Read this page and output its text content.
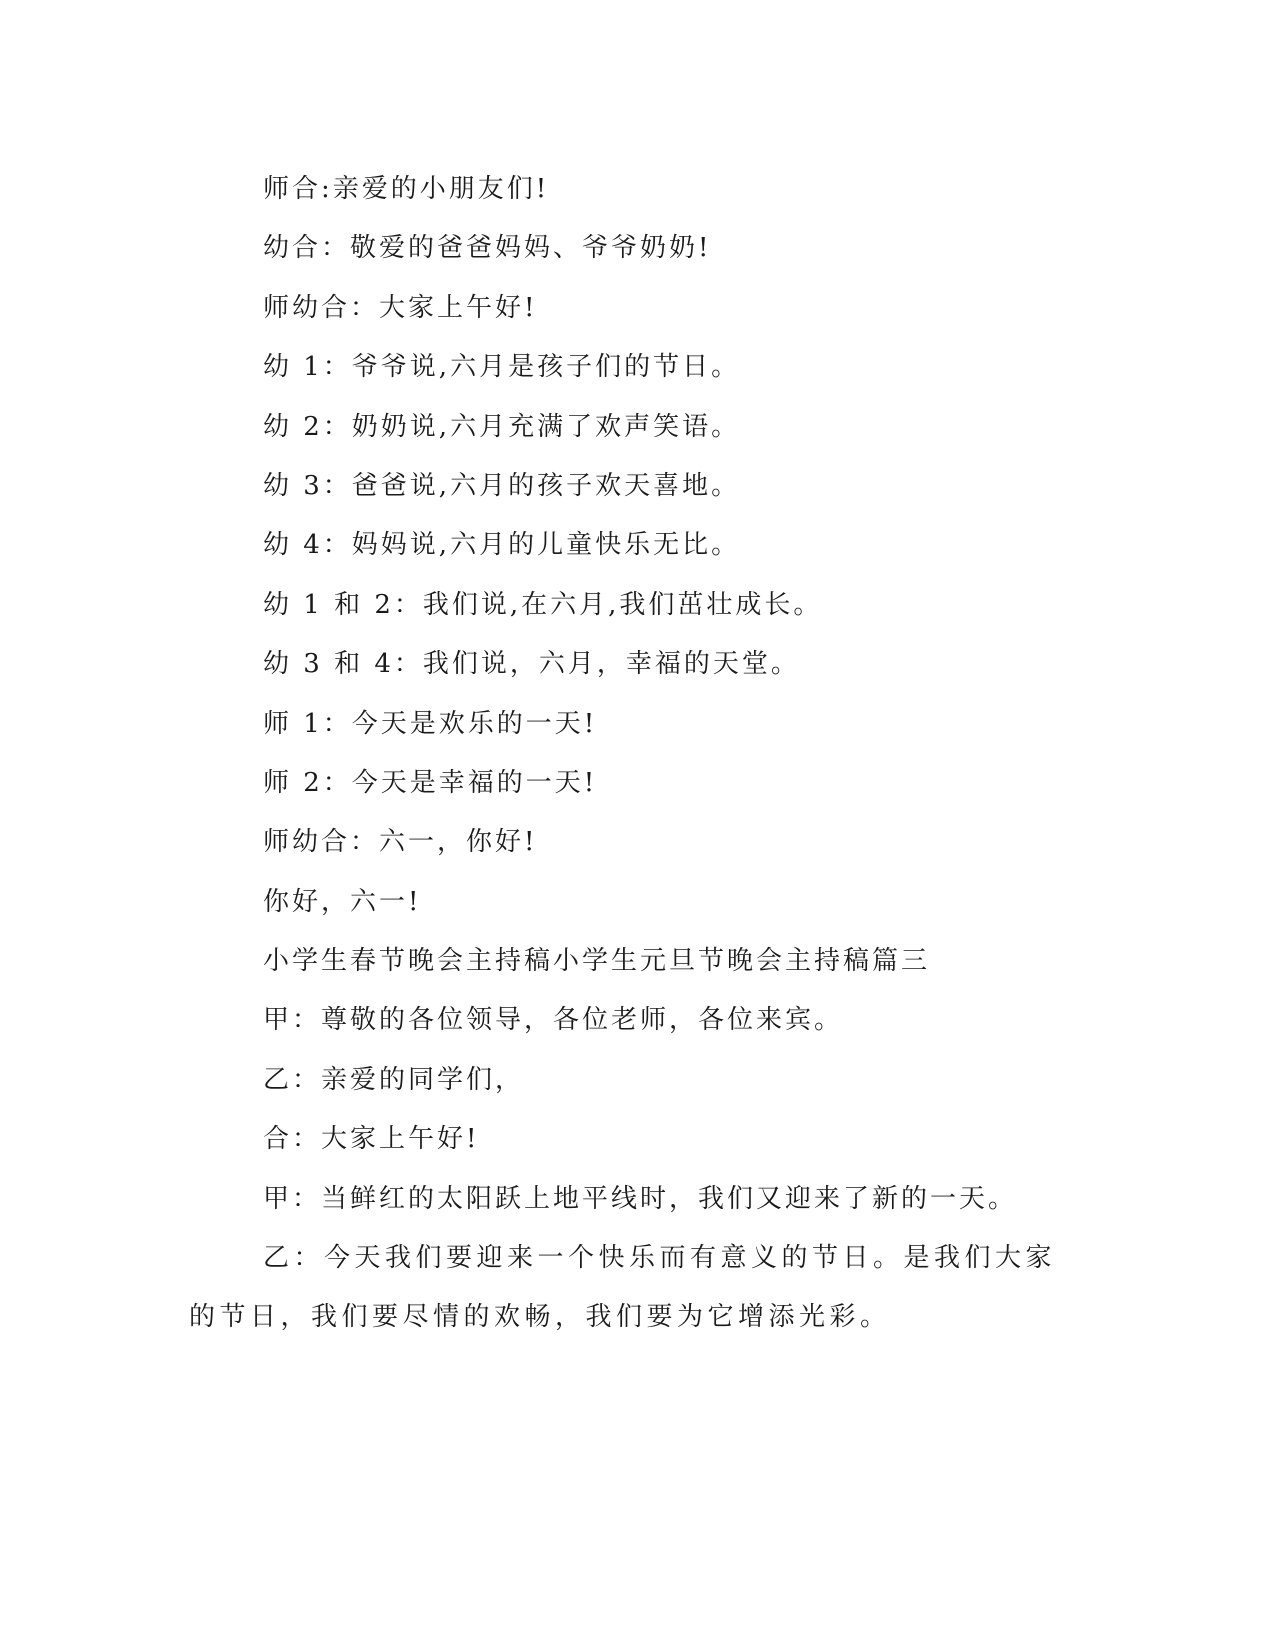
师合:亲爱的小朋友们!
幼合：敬爱的爸爸妈妈、爷爷奶奶!
师幼合：大家上午好!
幼 1：爷爷说,六月是孩子们的节日。
幼 2：奶奶说,六月充满了欢声笑语。
幼 3：爸爸说,六月的孩子欢天喜地。
幼 4：妈妈说,六月的儿童快乐无比。
幼 1 和 2：我们说,在六月,我们茁壮成长。
幼 3 和 4：我们说，六月，幸福的天堂。
师 1：今天是欢乐的一天!
师 2：今天是幸福的一天!
师幼合：六一，你好!
你好，六一!
小学生春节晚会主持稿小学生元旦节晚会主持稿篇三
甲：尊敬的各位领导，各位老师，各位来宾。
乙：亲爱的同学们，
合：大家上午好!
甲：当鲜红的太阳跃上地平线时，我们又迎来了新的一天。
乙：今天我们要迎来一个快乐而有意义的节日。是我们大家的节日，我们要尽情的欢畅，我们要为它增添光彩。
